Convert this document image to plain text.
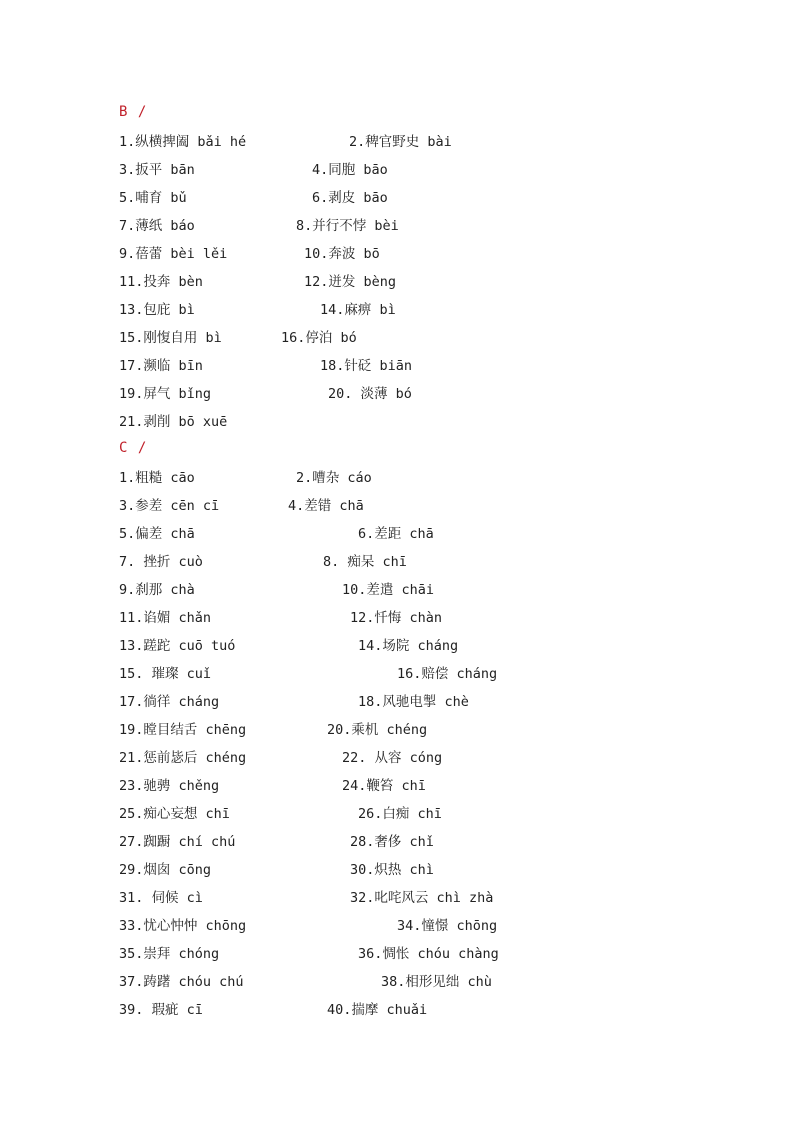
B /
C /
1.纵横捭阖 bǎi hé	2.稗官野史 bài
3.扳平 bān	4.同胞 bāo
5.哺育 bǔ	6.剥皮 bāo
7.薄纸 báo	8.并行不悖 bèi
9.蓓蕾 bèi lěi	10.奔波 bō
11.投奔 bèn	12.迸发 bèng
13.包庇 bì	14.麻痹 bì
15.刚愎自用 bì	16.停泊 bó
17.濒临 bīn	18.针砭 biān
19.屏气 bǐng	20. 淡薄 bó
21.剥削 bō xuē
1.粗糙 cāo	2.嘈杂 cáo
3.参差 cēn cī	4.差错 chā
5.偏差 chā	6.差距 chā
7. 挫折 cuò	8. 痴呆 chī
9.刹那 chà	10.差遣 chāi
11.谄媚 chǎn	12.忏悔 chàn
13.蹉跎 cuō tuó	14.场院 cháng
15. 璀璨 cuǐ	16.赔偿 cháng
17.徜徉 cháng	18.风驰电掣 chè
19.瞠目结舌 chēng	20.乘机 chéng
21.惩前毖后 chéng	22. 从容 cóng
23.驰骋 chěng	24.鞭笞 chī
25.痴心妄想 chī	26.白痴 chī
27.踟蹰 chí chú	28.奢侈 chǐ
29.烟囱 cōng	30.炽热 chì
31. 伺候 cì	32.叱咤风云 chì zhà
33.忧心忡忡 chōng	34.憧憬 chōng
35.崇拜 chóng	36.惆怅 chóu chàng
37.踌躇 chóu chú	38.相形见绌 chù
39. 瑕疵 cī	40.揣摩 chuǎi
